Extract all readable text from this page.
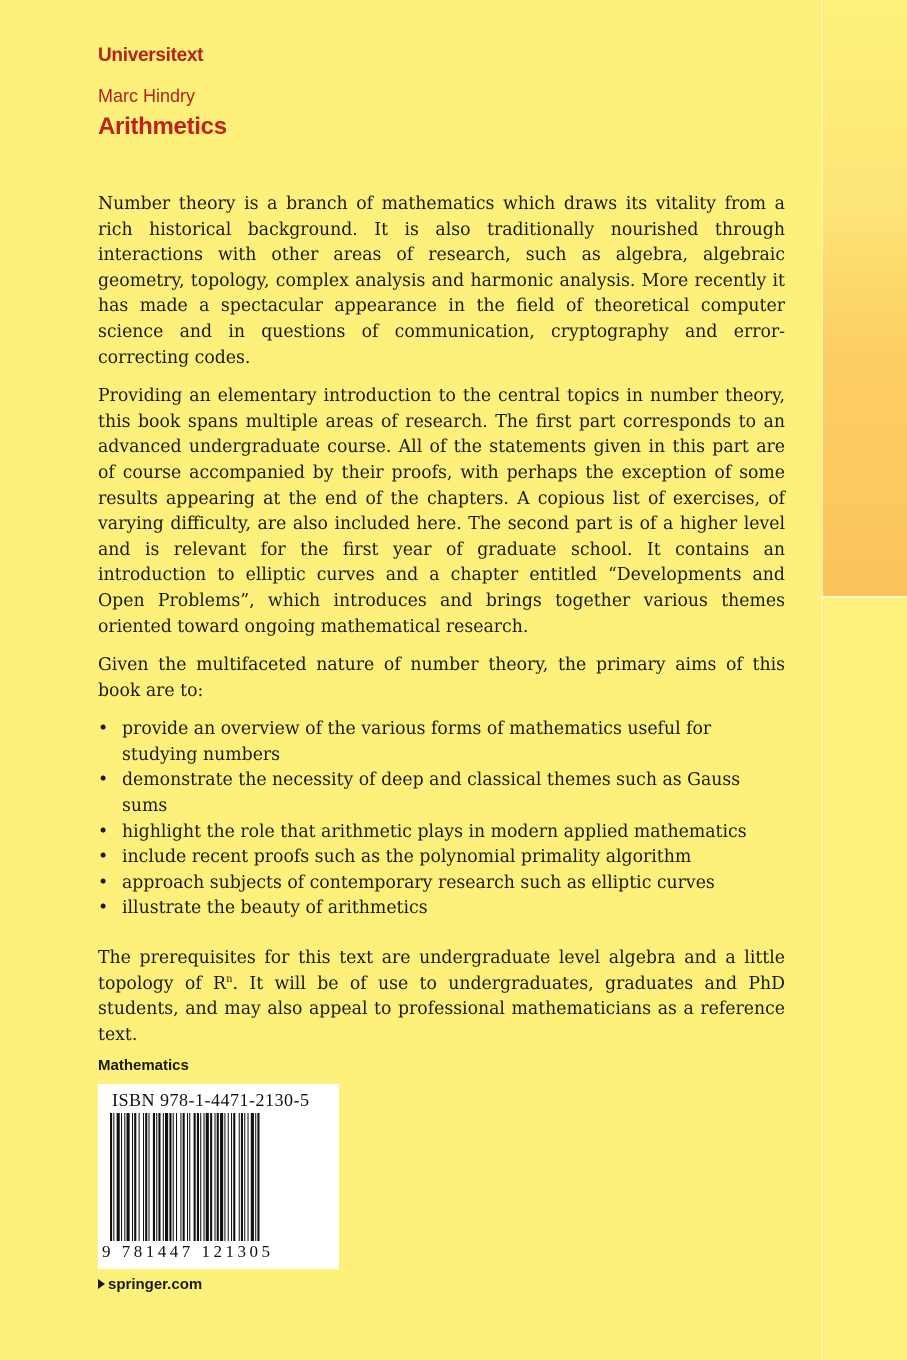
Universitext
Marc Hindry
Arithmetics

Number theory is a branch of mathematics which draws its vitality from a rich historical background. It is also traditionally nourished through interactions with other areas of research, such as algebra, algebraic geometry, topology, complex analysis and harmonic analysis. More recently it has made a spectacular appearance in the field of theoretical computer science and in questions of communication, cryptography and error-correcting codes.

Providing an elementary introduction to the central topics in number theory, this book spans multiple areas of research. The first part corresponds to an advanced undergraduate course. All of the statements given in this part are of course accompanied by their proofs, with perhaps the exception of some results appearing at the end of the chapters. A copious list of exercises, of varying difficulty, are also included here. The second part is of a higher level and is relevant for the first year of graduate school. It contains an introduction to elliptic curves and a chapter entitled “Developments and Open Problems”, which introduces and brings together various themes oriented toward ongoing mathematical research.

Given the multifaceted nature of number theory, the primary aims of this book are to:

• provide an overview of the various forms of mathematics useful for studying numbers
• demonstrate the necessity of deep and classical themes such as Gauss sums
• highlight the role that arithmetic plays in modern applied mathematics
• include recent proofs such as the polynomial primality algorithm
• approach subjects of contemporary research such as elliptic curves
• illustrate the beauty of arithmetics

The prerequisites for this text are undergraduate level algebra and a little topology of $R^n$. It will be of use to undergraduates, graduates and PhD students, and may also appeal to professional mathematicians as a reference text.

Mathematics
ISBN 978-1-4471-2130-5
9 781447 121305
springer.com
